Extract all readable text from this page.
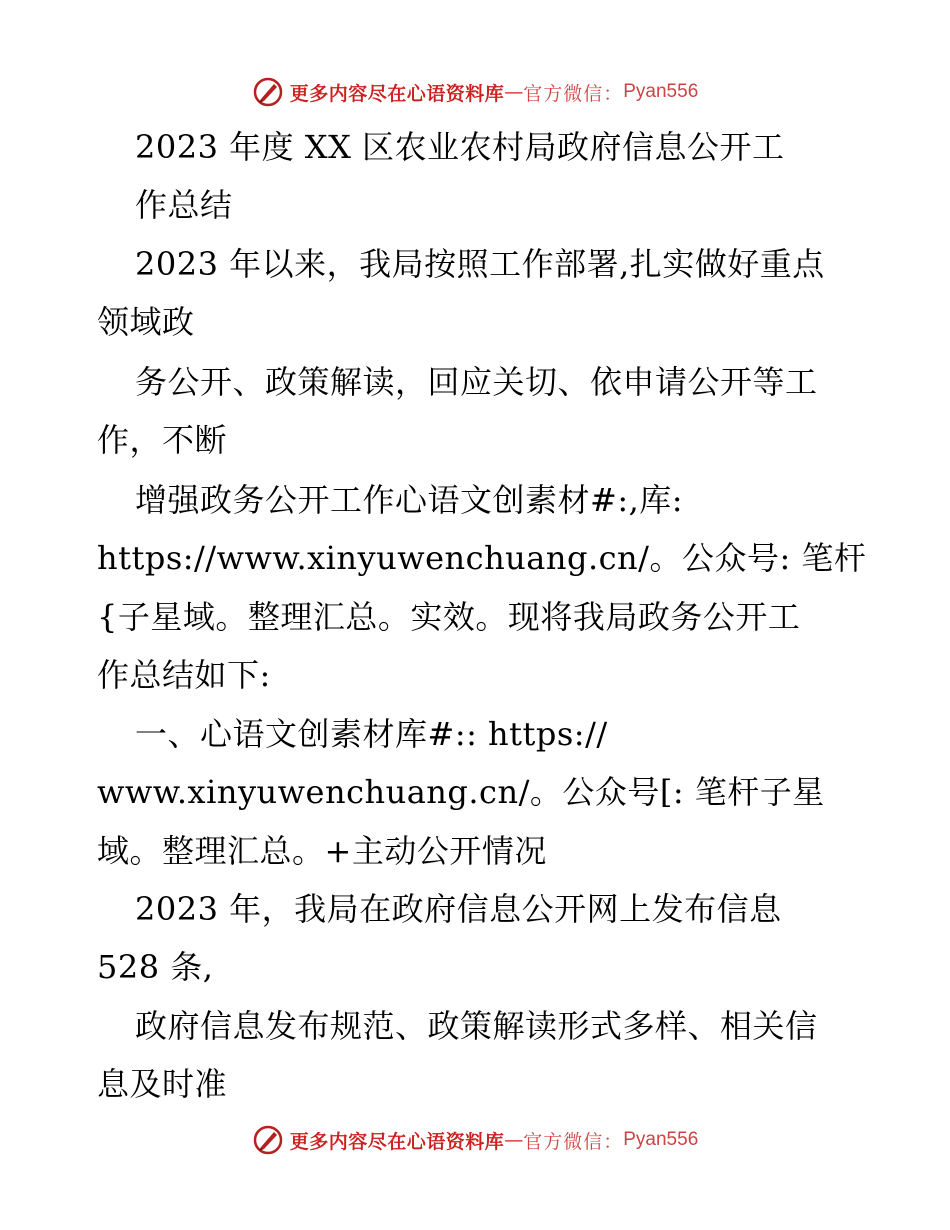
更多内容尽在心语资料库 — 官方微信： Pyan556
2023 年度 XX 区农业农村局政府信息公开工
作总结
2023 年以来，我局按照工作部署,扎实做好重点
领域政
务公开、政策解读，回应关切、依申请公开等工
作，不断
增强政务公开工作心语文创素材#:,库:
https://www.xinyuwenchuang.cn/。公众号: 笔杆
{子星域。整理汇总。实效。现将我局政务公开工
作总结如下:
一、心语文创素材库#:: https://
www.xinyuwenchuang.cn/。公众号[: 笔杆子星
域。整理汇总。+主动公开情况
2023 年，我局在政府信息公开网上发布信息
528 条,
政府信息发布规范、政策解读形式多样、相关信
息及时准
更多内容尽在心语资料库 — 官方微信： Pyan556
